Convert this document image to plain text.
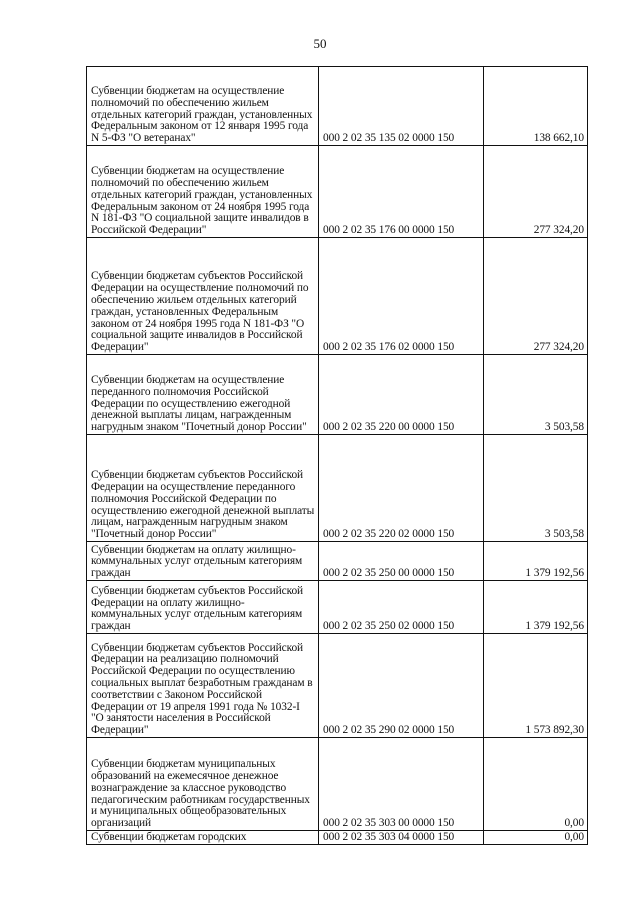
50
Субвенции бюджетам на осуществление полномочий по обеспечению жильем отдельных категорий граждан, установленных Федеральным законом от 12 января 1995 года N 5-ФЗ "О ветеранах"	000 2 02 35 135 02 0000 150	138 662,10
Субвенции бюджетам на осуществление полномочий по обеспечению жильем отдельных категорий граждан, установленных Федеральным законом от 24 ноября 1995 года N 181-ФЗ "О социальной защите инвалидов в Российской Федерации"	000 2 02 35 176 00 0000 150	277 324,20
Субвенции бюджетам субъектов Российской Федерации на осуществление полномочий по обеспечению жильем отдельных категорий граждан, установленных Федеральным законом от 24 ноября 1995 года N 181-ФЗ "О социальной защите инвалидов в Российской Федерации"	000 2 02 35 176 02 0000 150	277 324,20
Субвенции бюджетам на осуществление переданного полномочия Российской Федерации по осуществлению ежегодной денежной выплаты лицам, награжденным нагрудным знаком "Почетный донор России"	000 2 02 35 220 00 0000 150	3 503,58
Субвенции бюджетам субъектов Российской Федерации на осуществление переданного полномочия Российской Федерации по осуществлению ежегодной денежной выплаты лицам, награжденным нагрудным знаком "Почетный донор России"	000 2 02 35 220 02 0000 150	3 503,58
Субвенции бюджетам на оплату жилищно-коммунальных услуг отдельным категориям граждан	000 2 02 35 250 00 0000 150	1 379 192,56
Субвенции бюджетам субъектов Российской Федерации на оплату жилищно-коммунальных услуг отдельным категориям граждан	000 2 02 35 250 02 0000 150	1 379 192,56
Субвенции бюджетам субъектов Российской Федерации на реализацию полномочий Российской Федерации по осуществлению социальных выплат безработным гражданам в соответствии с Законом Российской Федерации от 19 апреля 1991 года № 1032-I "О занятости населения в Российской Федерации"	000 2 02 35 290 02 0000 150	1 573 892,30
Субвенции бюджетам муниципальных образований на ежемесячное денежное вознаграждение за классное руководство педагогическим работникам государственных и муниципальных общеобразовательных организаций	000 2 02 35 303 00 0000 150	0,00
Субвенции бюджетам городских	000 2 02 35 303 04 0000 150	0,00
